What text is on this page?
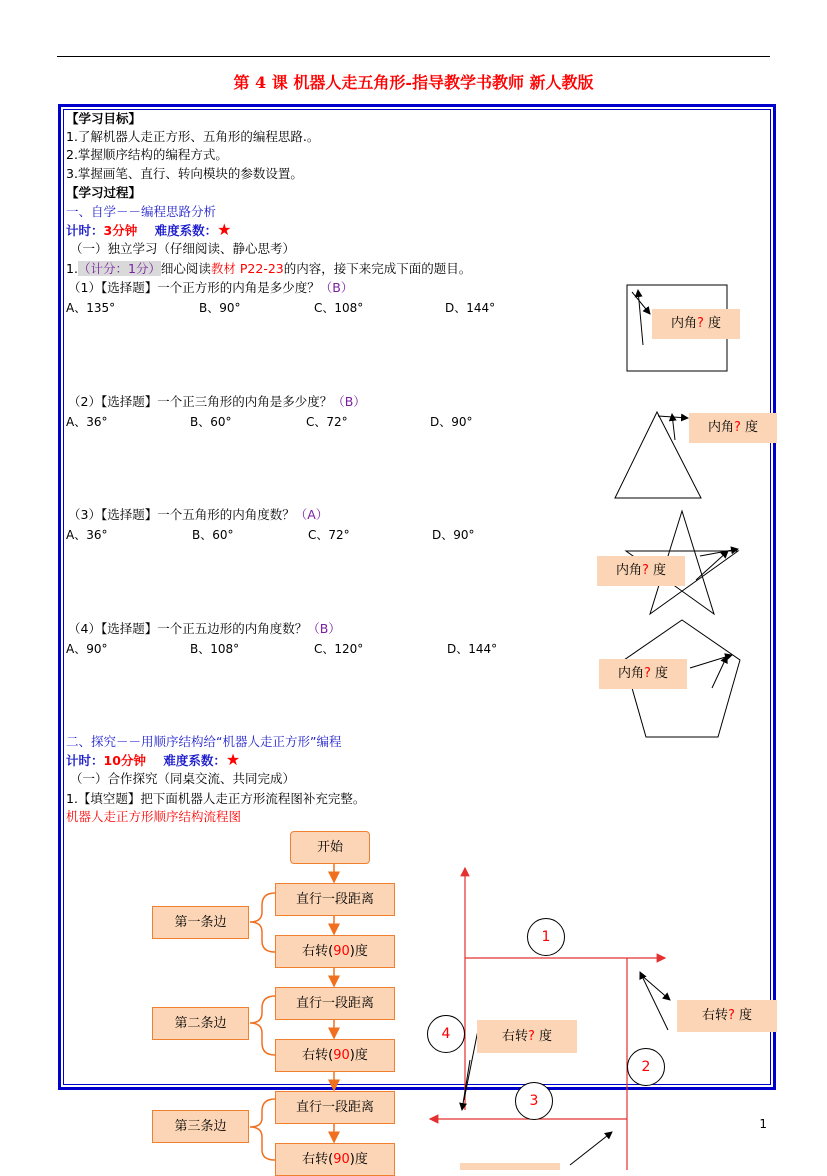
第 4 课 机器人走五角形-指导教学书教师 新人教版
【学习目标】
1.了解机器人走正方形、五角形的编程思路.。
2.掌握顺序结构的编程方式。
3.掌握画笔、直行、转向模块的参数设置。
【学习过程】
一、自学－－编程思路分析
计时：3分钟 难度系数：★
（一）独立学习（仔细阅读、静心思考）
1.（计分：1分）细心阅读教材 P22-23的内容，接下来完成下面的题目。
（1）【选择题】一个正方形的内角是多少度？（B）
A、135°	B、90°	C、108°	D、144°
（2）【选择题】一个正三角形的内角是多少度？（B）
A、36°	B、60°	C、72°	D、90°
（3）【选择题】一个五角形的内角度数？（A）
A、36°	B、60°	C、72°	D、90°
（4）【选择题】一个正五边形的内角度数？（B）
A、90°	B、108°	C、120°	D、144°
内角? 度
内角? 度
内角? 度
内角? 度
二、探究－－用顺序结构给“机器人走正方形”编程
计时：10分钟 难度系数：★
（一）合作探究（同桌交流、共同完成）
1.【填空题】把下面机器人走正方形流程图补充完整。
机器人走正方形顺序结构流程图
开始
直行一段距离
右转(90)度
直行一段距离
右转(90)度
直行一段距离
右转(90)度
第一条边
第二条边
第三条边
1
2
3
4
右转? 度
右转? 度
1
